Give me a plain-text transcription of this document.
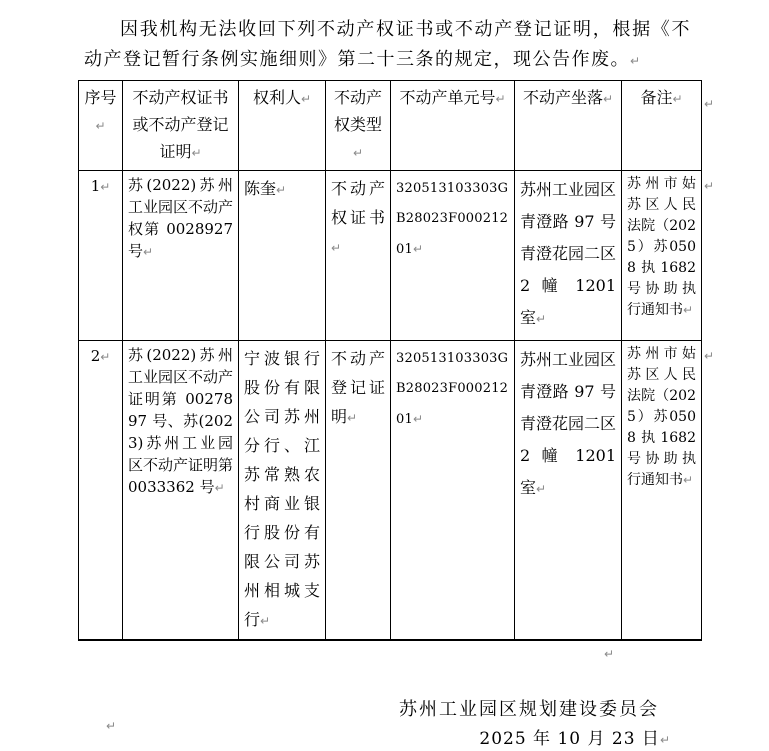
因我机构无法收回下列不动产权证书或不动产登记证明，根据《不动产登记暂行条例实施细则》第二十三条的规定，现公告作废。↵

序号↵	不动产权证书或不动产登记证明↵	权利人↵	不动产权类型↵	不动产单元号↵	不动产坐落↵	备注↵
1↵	苏(2022)苏州工业园区不动产权第 0028927 号↵	陈奎↵	不动产权证书↵	320513103303GB28023F00021201↵	苏州工业园区青澄路 97 号青澄花园二区 2 幢 1201 室↵	苏州市姑苏区人民法院（2025）苏0508执1682号协助执行通知书↵
2↵	苏(2022)苏州工业园区不动产证明第 0027897 号、苏(2023)苏州工业园区不动产证明第 0033362 号↵	宁波银行股份有限公司苏州分行、江苏常熟农村商业银行股份有限公司苏州相城支行↵	不动产登记证明↵	320513103303GB28023F00021201↵	苏州工业园区青澄路 97 号青澄花园二区 2 幢 1201 室↵	苏州市姑苏区人民法院（2025）苏0508执1682号协助执行通知书↵
↵
↵
↵
↵
↵
苏州工业园区规划建设委员会
2025 年 10 月 23 日↵
